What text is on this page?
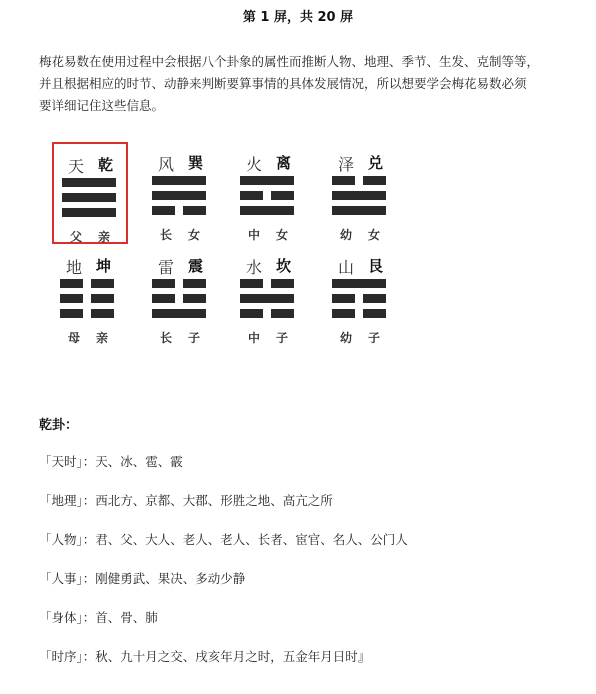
第 1 屏，共 20 屏

梅花易数在使用过程中会根据八个卦象的属性而推断人物、地理、季节、生发、克制等等，

并且根据相应的时节、动静来判断要算事情的具体发展情况，所以想要学会梅花易数必须

要详细记住这些信息。

天 乾
父 亲
风 巽
长 女
火 离
中 女
泽 兑
幼 女
地 坤
母 亲
雷 震
长 子
水 坎
中 子
山 艮
幼 子
乾卦：
「天时」：天、冰、雹、霰
「地理」：西北方、京都、大郡、形胜之地、高亢之所
「人物」：君、父、大人、老人、老人、长者、宦官、名人、公门人
「人事」：刚健勇武、果决、多动少静
「身体」：首、骨、肺
「时序」：秋、九十月之交、戌亥年月之时，五金年月日时』
